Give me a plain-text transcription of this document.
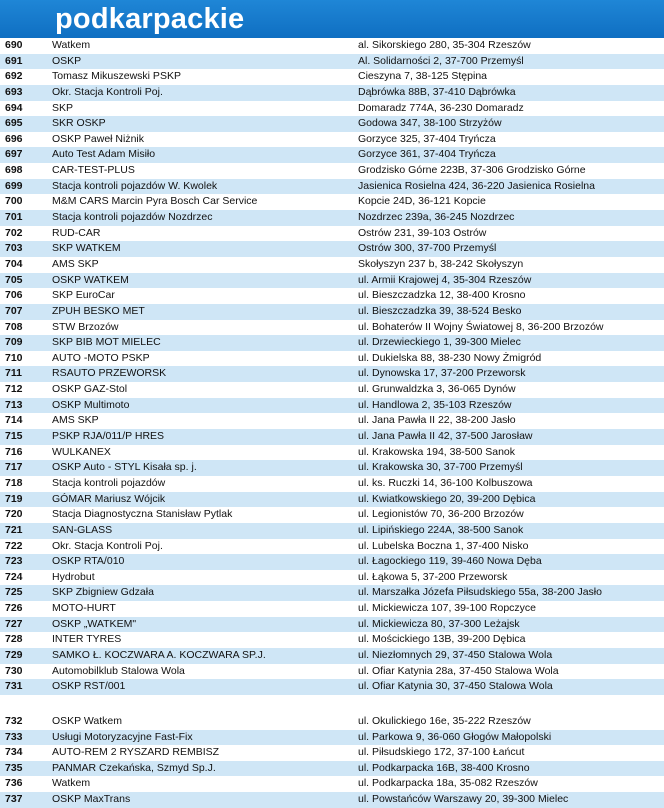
podkarpackie
690	Watkem	al. Sikorskiego 280, 35-304 Rzeszów
691	OSKP	Al. Solidarności 2, 37-700 Przemyśl
692	Tomasz Mikuszewski PSKP	Cieszyna 7, 38-125 Stępina
693	Okr. Stacja Kontroli Poj.	Dąbrówka 88B, 37-410 Dąbrówka
694	SKP	Domaradz 774A, 36-230 Domaradz
695	SKR OSKP	Godowa 347, 38-100 Strzyżów
696	OSKP Paweł Niżnik	Gorzyce 325, 37-404 Tryńcza
697	Auto Test Adam Misiło	Gorzyce 361, 37-404 Tryńcza
698	CAR-TEST-PLUS	Grodzisko Górne 223B, 37-306 Grodzisko Górne
699	Stacja kontroli pojazdów W. Kwolek	Jasienica Rosielna 424, 36-220 Jasienica Rosielna
700	M&M CARS Marcin Pyra Bosch Car Service	Kopcie 24D, 36-121 Kopcie
701	Stacja kontroli pojazdów Nozdrzec	Nozdrzec 239a, 36-245 Nozdrzec
702	RUD-CAR	Ostrów 231, 39-103 Ostrów
703	SKP WATKEM	Ostrów 300, 37-700 Przemyśl
704	AMS SKP	Skołyszyn 237 b, 38-242 Skołyszyn
705	OSKP WATKEM	ul. Armii Krajowej 4, 35-304 Rzeszów
706	SKP EuroCar	ul. Bieszczadzka 12, 38-400 Krosno
707	ZPUH BESKO MET	ul. Bieszczadzka 39, 38-524 Besko
708	STW Brzozów	ul. Bohaterów II Wojny Światowej 8, 36-200 Brzozów
709	SKP BIB MOT MIELEC	ul. Drzewieckiego 1, 39-300 Mielec
710	AUTO -MOTO PSKP	ul. Dukielska 88, 38-230 Nowy Żmigród
711	RSAUTO PRZEWORSK	ul. Dynowska 17, 37-200 Przeworsk
712	OSKP GAZ-Stol	ul. Grunwaldzka 3, 36-065 Dynów
713	OSKP Multimoto	ul. Handlowa 2, 35-103 Rzeszów
714	AMS SKP	ul. Jana Pawła II 22, 38-200 Jasło
715	PSKP RJA/011/P HRES	ul. Jana Pawła II 42, 37-500 Jarosław
716	WULKANEX	ul. Krakowska 194, 38-500 Sanok
717	OSKP Auto - STYL Kisała sp. j.	ul. Krakowska 30, 37-700 Przemyśl
718	Stacja kontroli pojazdów	ul. ks. Ruczki 14, 36-100 Kolbuszowa
719	GÓMAR Mariusz Wójcik	ul. Kwiatkowskiego 20, 39-200 Dębica
720	Stacja Diagnostyczna Stanisław Pytlak	ul. Legionistów 70, 36-200 Brzozów
721	SAN-GLASS	ul. Lipińskiego 224A, 38-500 Sanok
722	Okr. Stacja Kontroli Poj.	ul. Lubelska Boczna 1, 37-400 Nisko
723	OSKP RTA/010	ul. Łagockiego 119, 39-460 Nowa Dęba
724	Hydrobut	ul. Łąkowa 5, 37-200 Przeworsk
725	SKP Zbigniew Gdzała	ul. Marszałka Józefa Piłsudskiego 55a, 38-200 Jasło
726	MOTO-HURT	ul. Mickiewicza 107, 39-100 Ropczyce
727	OSKP „WATKEM"	ul. Mickiewicza 80, 37-300 Leżajsk
728	INTER TYRES	ul. Mościckiego 13B, 39-200 Dębica
729	SAMKO Ł. KOCZWARA A. KOCZWARA SP.J.	ul. Niezłomnych 29, 37-450 Stalowa Wola
730	Automobilklub Stalowa Wola	ul. Ofiar Katynia 28a, 37-450 Stalowa Wola
731	OSKP RST/001	ul. Ofiar Katynia 30, 37-450 Stalowa Wola
732	OSKP Watkem	ul. Okulickiego 16e, 35-222 Rzeszów
733	Usługi Motoryzacyjne Fast-Fix	ul. Parkowa 9, 36-060 Głogów Małopolski
734	AUTO-REM 2 RYSZARD REMBISZ	ul. Piłsudskiego 172, 37-100 Łańcut
735	PANMAR Czekańska, Szmyd Sp.J.	ul. Podkarpacka 16B, 38-400 Krosno
736	Watkem	ul. Podkarpacka 18a, 35-082 Rzeszów
737	OSKP MaxTrans	ul. Powstańców Warszawy 20, 39-300 Mielec
